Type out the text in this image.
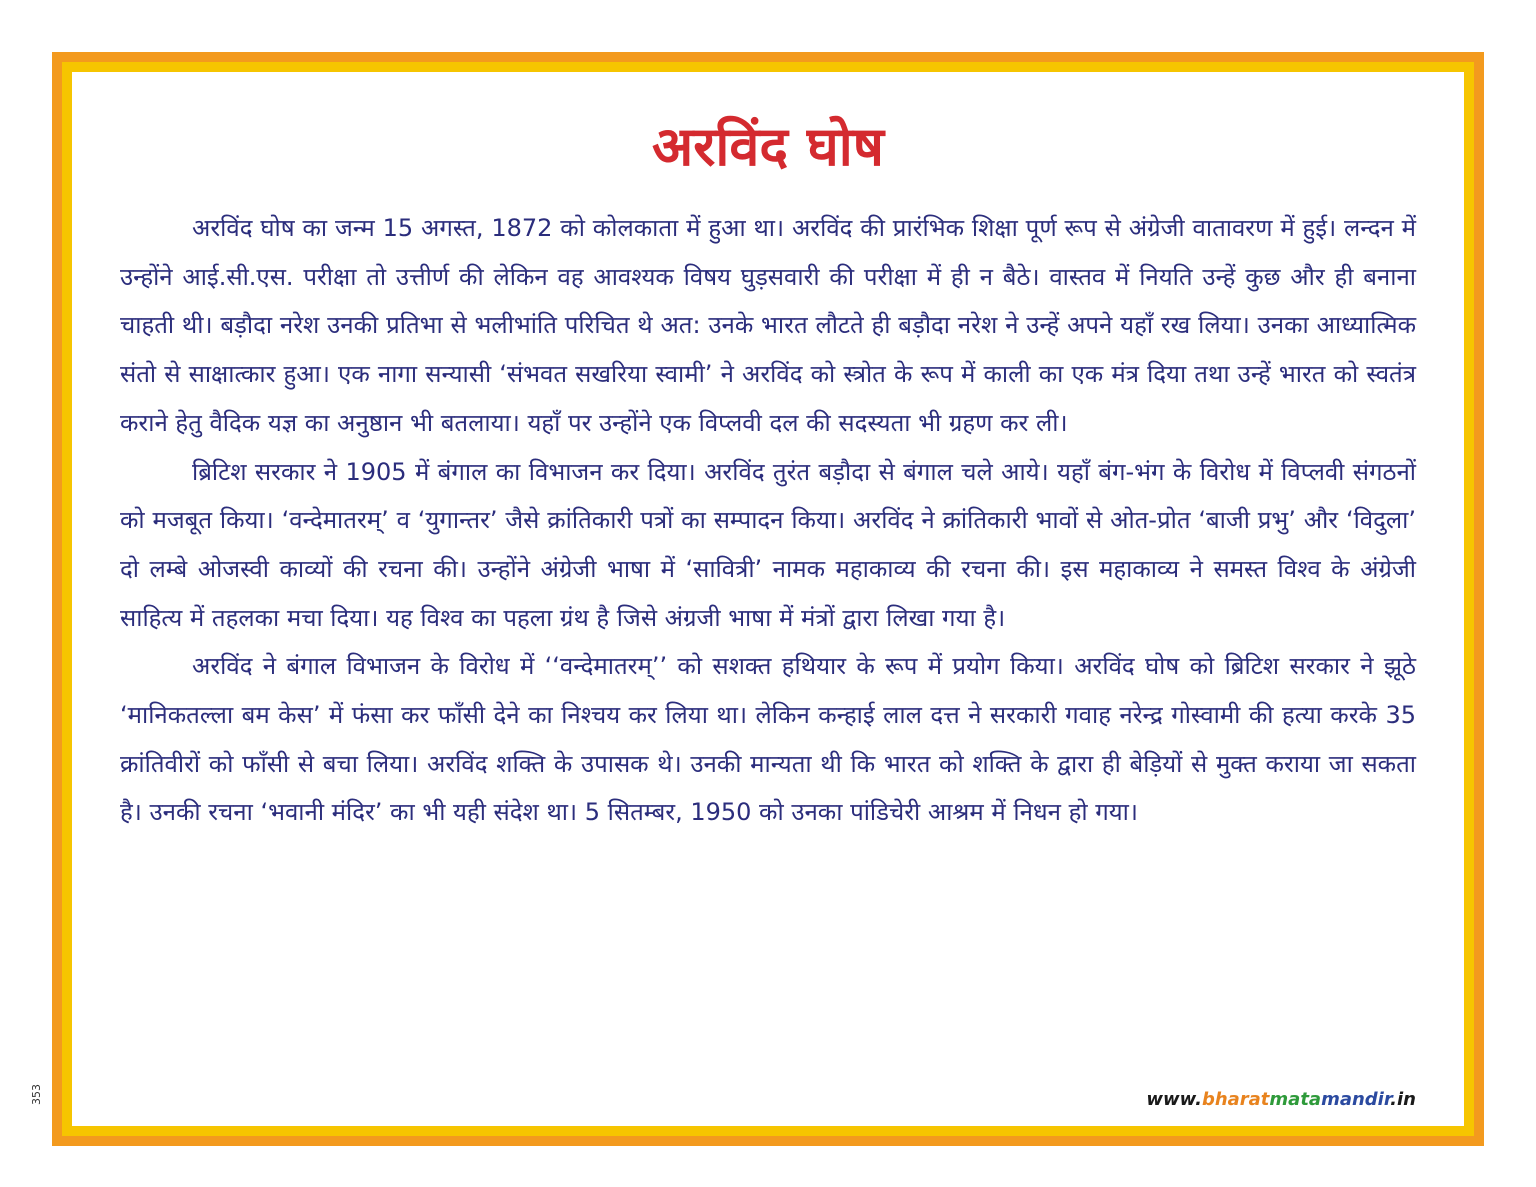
अरविंद घोष

अरविंद घोष का जन्म 15 अगस्त, 1872 को कोलकाता में हुआ था। अरविंद की प्रारंभिक शिक्षा पूर्ण रूप से अंग्रेजी वातावरण में हुई। लन्दन में उन्होंने आई.सी.एस. परीक्षा तो उत्तीर्ण की लेकिन वह आवश्यक विषय घुड़सवारी की परीक्षा में ही न बैठे। वास्तव में नियति उन्हें कुछ और ही बनाना चाहती थी। बड़ौदा नरेश उनकी प्रतिभा से भलीभांति परिचित थे अत: उनके भारत लौटते ही बड़ौदा नरेश ने उन्हें अपने यहाँ रख लिया। उनका आध्यात्मिक संतो से साक्षात्कार हुआ। एक नागा सन्यासी ‘संभवत सखरिया स्वामी’ ने अरविंद को स्त्रोत के रूप में काली का एक मंत्र दिया तथा उन्हें भारत को स्वतंत्र कराने हेतु वैदिक यज्ञ का अनुष्ठान भी बतलाया। यहाँ पर उन्होंने एक विप्लवी दल की सदस्यता भी ग्रहण कर ली।

ब्रिटिश सरकार ने 1905 में बंगाल का विभाजन कर दिया। अरविंद तुरंत बड़ौदा से बंगाल चले आये। यहाँ बंग-भंग के विरोध में विप्लवी संगठनों को मजबूत किया। ‘वन्देमातरम्’ व ‘युगान्तर’ जैसे क्रांतिकारी पत्रों का सम्पादन किया। अरविंद ने क्रांतिकारी भावों से ओत-प्रोत ‘बाजी प्रभु’ और ‘विदुला’ दो लम्बे ओजस्वी काव्यों की रचना की। उन्होंने अंग्रेजी भाषा में ‘सावित्री’ नामक महाकाव्य की रचना की। इस महाकाव्य ने समस्त विश्व के अंग्रेजी साहित्य में तहलका मचा दिया। यह विश्व का पहला ग्रंथ है जिसे अंग्रजी भाषा में मंत्रों द्वारा लिखा गया है।

अरविंद ने बंगाल विभाजन के विरोध में ‘‘वन्देमातरम्’’ को सशक्त हथियार के रूप में प्रयोग किया। अरविंद घोष को ब्रिटिश सरकार ने झूठे ‘मानिकतल्ला बम केस’ में फंसा कर फाँसी देने का निश्चय कर लिया था। लेकिन कन्हाई लाल दत्त ने सरकारी गवाह नरेन्द्र गोस्वामी की हत्या करके 35 क्रांतिवीरों को फाँसी से बचा लिया। अरविंद शक्ति के उपासक थे। उनकी मान्यता थी कि भारत को शक्ति के द्वारा ही बेड़ियों से मुक्त कराया जा सकता है। उनकी रचना ‘भवानी मंदिर’ का भी यही संदेश था। 5 सितम्बर, 1950 को उनका पांडिचेरी आश्रम में निधन हो गया।

www.bharatmatamandir.in
353
